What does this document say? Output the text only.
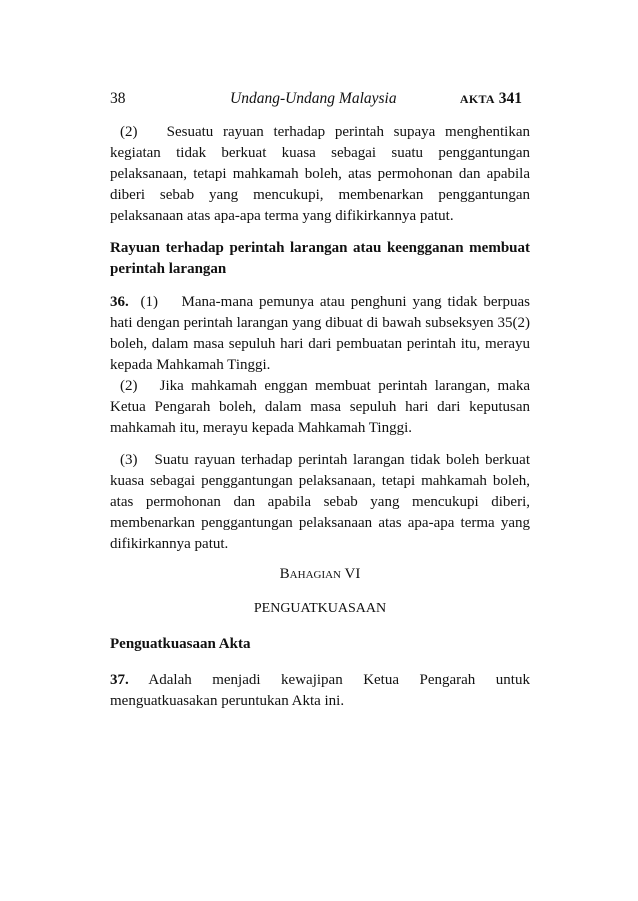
38	Undang-Undang Malaysia	AKTA 341
(2) Sesuatu rayuan terhadap perintah supaya menghentikan kegiatan tidak berkuat kuasa sebagai suatu penggantungan pelaksanaan, tetapi mahkamah boleh, atas permohonan dan apabila diberi sebab yang mencukupi, membenarkan penggantungan pelaksanaan atas apa-apa terma yang difikirkannya patut.
Rayuan terhadap perintah larangan atau keengganan membuat perintah larangan
36. (1) Mana-mana pemunya atau penghuni yang tidak berpuas hati dengan perintah larangan yang dibuat di bawah subseksyen 35(2) boleh, dalam masa sepuluh hari dari pembuatan perintah itu, merayu kepada Mahkamah Tinggi.
(2) Jika mahkamah enggan membuat perintah larangan, maka Ketua Pengarah boleh, dalam masa sepuluh hari dari keputusan mahkamah itu, merayu kepada Mahkamah Tinggi.
(3) Suatu rayuan terhadap perintah larangan tidak boleh berkuat kuasa sebagai penggantungan pelaksanaan, tetapi mahkamah boleh, atas permohonan dan apabila sebab yang mencukupi diberi, membenarkan penggantungan pelaksanaan atas apa-apa terma yang difikirkannya patut.
Bahagian VI
PENGUATKUASAAN
Penguatkuasaan Akta
37. Adalah menjadi kewajipan Ketua Pengarah untuk menguatkuasakan peruntukan Akta ini.
